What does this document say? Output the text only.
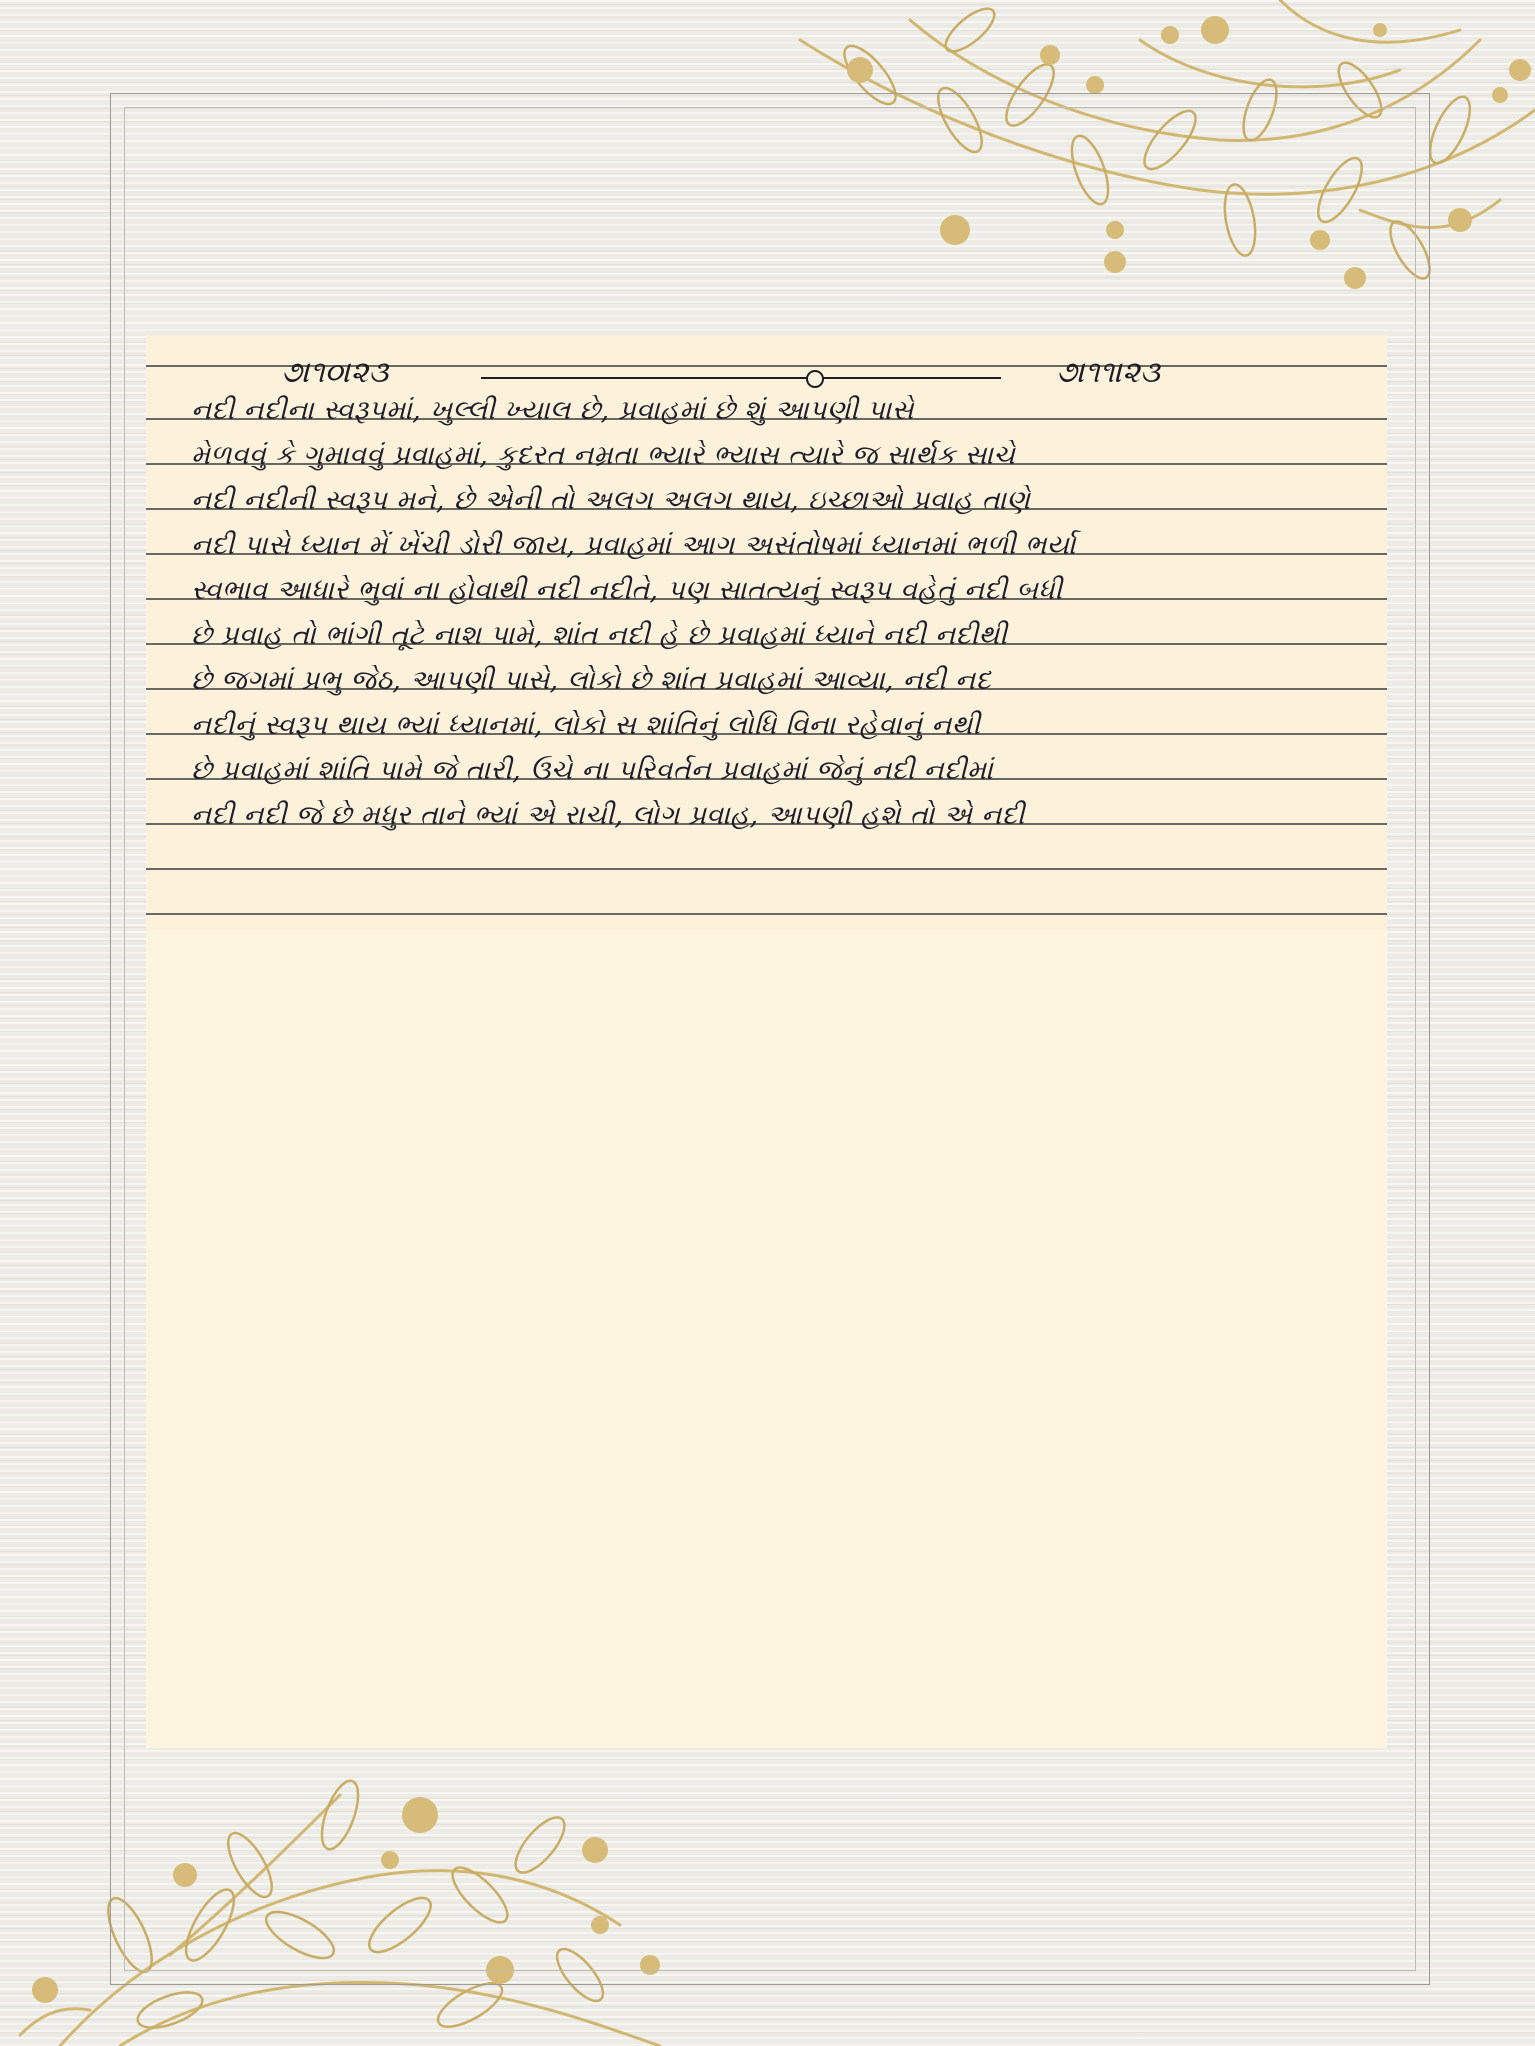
૭।૧૦।૨૩	૭।૧૧।૨૩
નદી નદીના સ્વરૂપમાં, ખુલ્લી ખ્યાલ છે, પ્રવાહમાં છે શું આપણી પાસે
મેળવવું કે ગુમાવવું પ્રવાહમાં, કુદરત નમ્રતા ભ્યારે ભ્યાસ ત્યારે જ સાર્થક સાચે
નદી નદીની સ્વરૂપ મને, છે એની તો અલગ અલગ થાય, ઇચ્છાઓ પ્રવાહ તાણે
નદી પાસે ધ્યાન મેં ખેંચી ડોરી જાય, પ્રવાહમાં આગ અસંતોષમાં ધ્યાનમાં ભળી ભર્યા
સ્વભાવ આધારે ભુવાં ના હોવાથી નદી નદીતે, પણ સાતત્યનું સ્વરૂપ વહેતું નદી બધી
છે પ્રવાહ તો ભાંગી તૂટે નાશ પામે, શાંત નદી હે છે પ્રવાહમાં ધ્યાને નદી નદીથી
છે જગમાં પ્રભુ જેઠ, આપણી પાસે, લોકો છે શાંત પ્રવાહમાં આવ્યા, નદી નદ
નદીનું સ્વરૂપ થાય ભ્યાં ધ્યાનમાં, લોકો સ શાંતિનું લોધિ વિના રહેવાનું નથી
છે પ્રવાહમાં શાંતિ પામે જે તારી, ઉંચે ના પરિવર્તન પ્રવાહમાં જેનું નદી નદીમાં
નદી નદી જે છે મધુર તાને ભ્યાં એ રાચી, લોગ પ્રવાહ, આપણી હશે તો એ નદી
